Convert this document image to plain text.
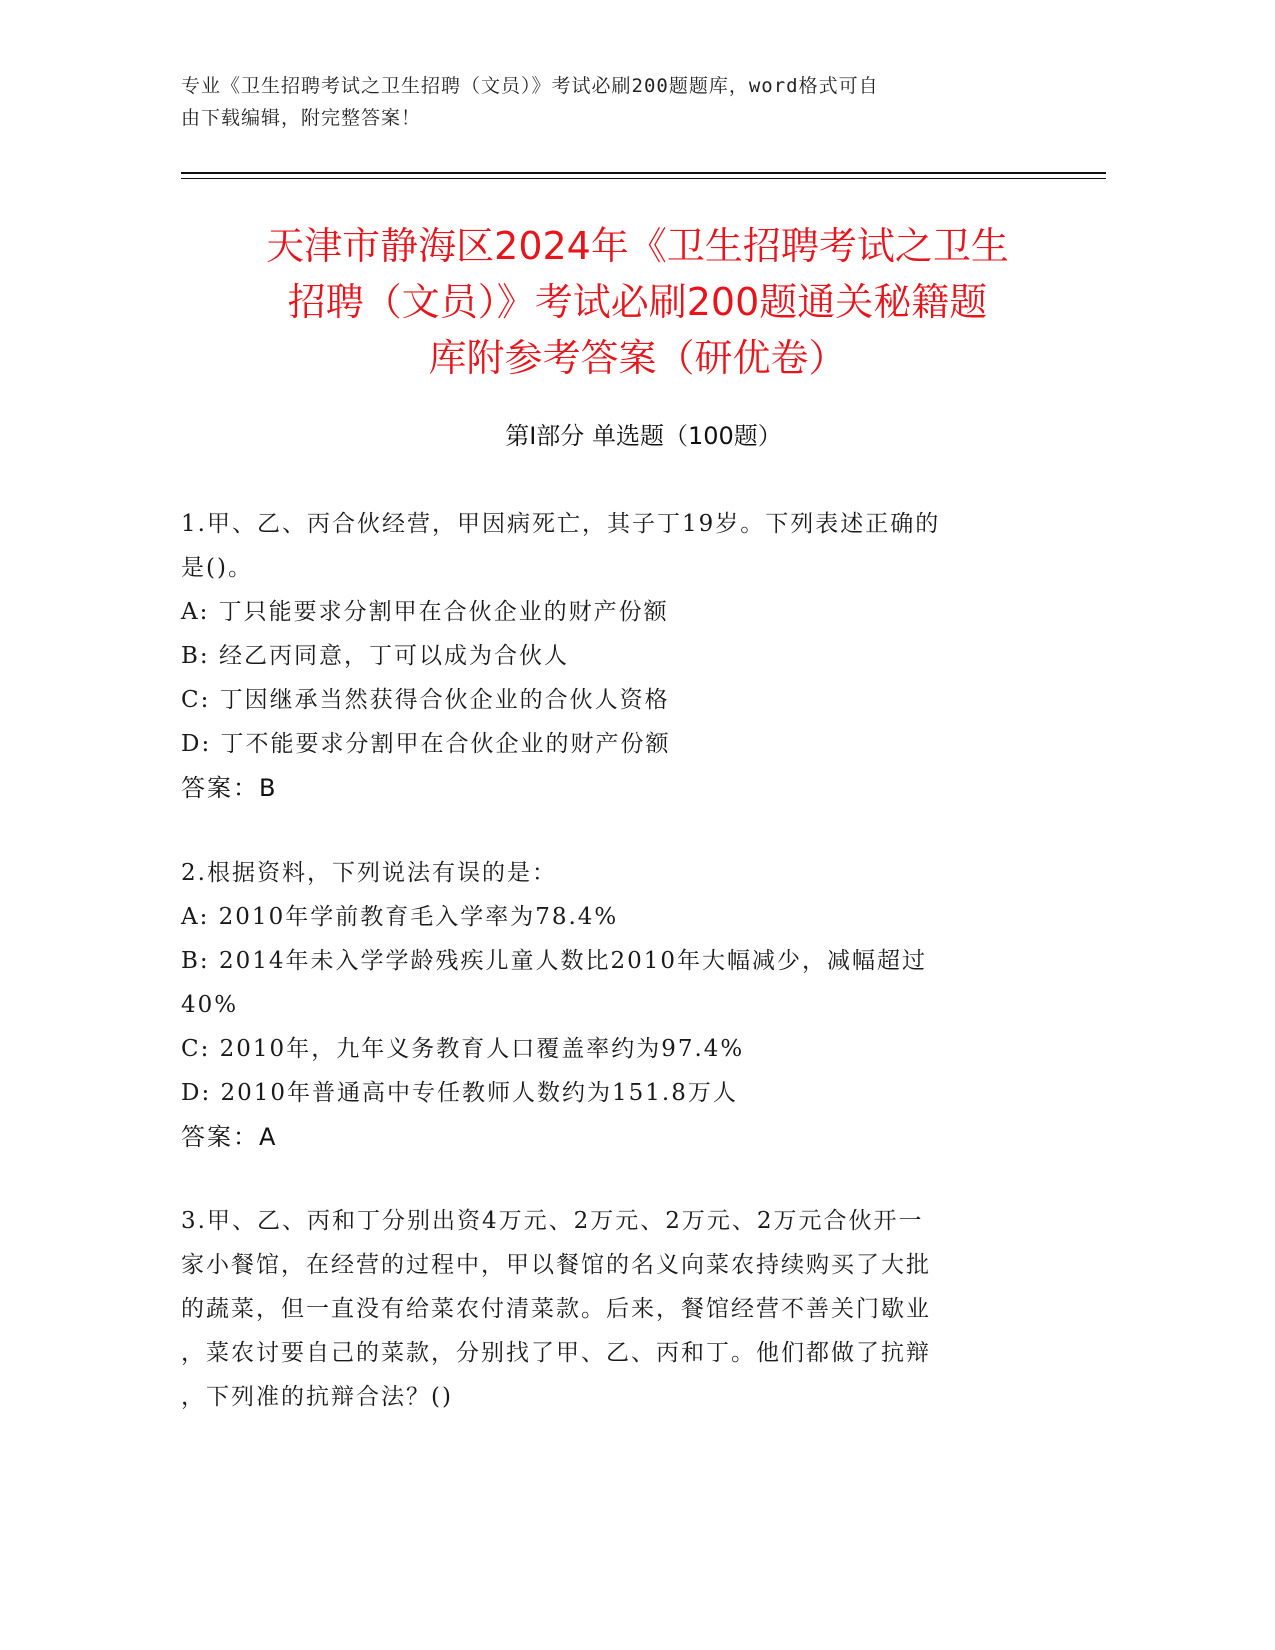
专业《卫生招聘考试之卫生招聘（文员）》考试必刷200题题库，word格式可自
由下载编辑，附完整答案！
天津市静海区2024年《卫生招聘考试之卫生
招聘（文员）》考试必刷200题通关秘籍题
库附参考答案（研优卷）
第Ⅰ部分 单选题（100题）
1.甲、乙、丙合伙经营，甲因病死亡，其子丁19岁。下列表述正确的
是()。
A: 丁只能要求分割甲在合伙企业的财产份额
B: 经乙丙同意，丁可以成为合伙人
C: 丁因继承当然获得合伙企业的合伙人资格
D: 丁不能要求分割甲在合伙企业的财产份额
答案：B
2.根据资料，下列说法有误的是：
A: 2010年学前教育毛入学率为78.4%
B: 2014年未入学学龄残疾儿童人数比2010年大幅减少，减幅超过
40%
C: 2010年，九年义务教育人口覆盖率约为97.4%
D: 2010年普通高中专任教师人数约为151.8万人
答案：A
3.甲、乙、丙和丁分别出资4万元、2万元、2万元、2万元合伙开一
家小餐馆，在经营的过程中，甲以餐馆的名义向菜农持续购买了大批
的蔬菜，但一直没有给菜农付清菜款。后来，餐馆经营不善关门歇业
，菜农讨要自己的菜款，分别找了甲、乙、丙和丁。他们都做了抗辩
，下列准的抗辩合法？()
